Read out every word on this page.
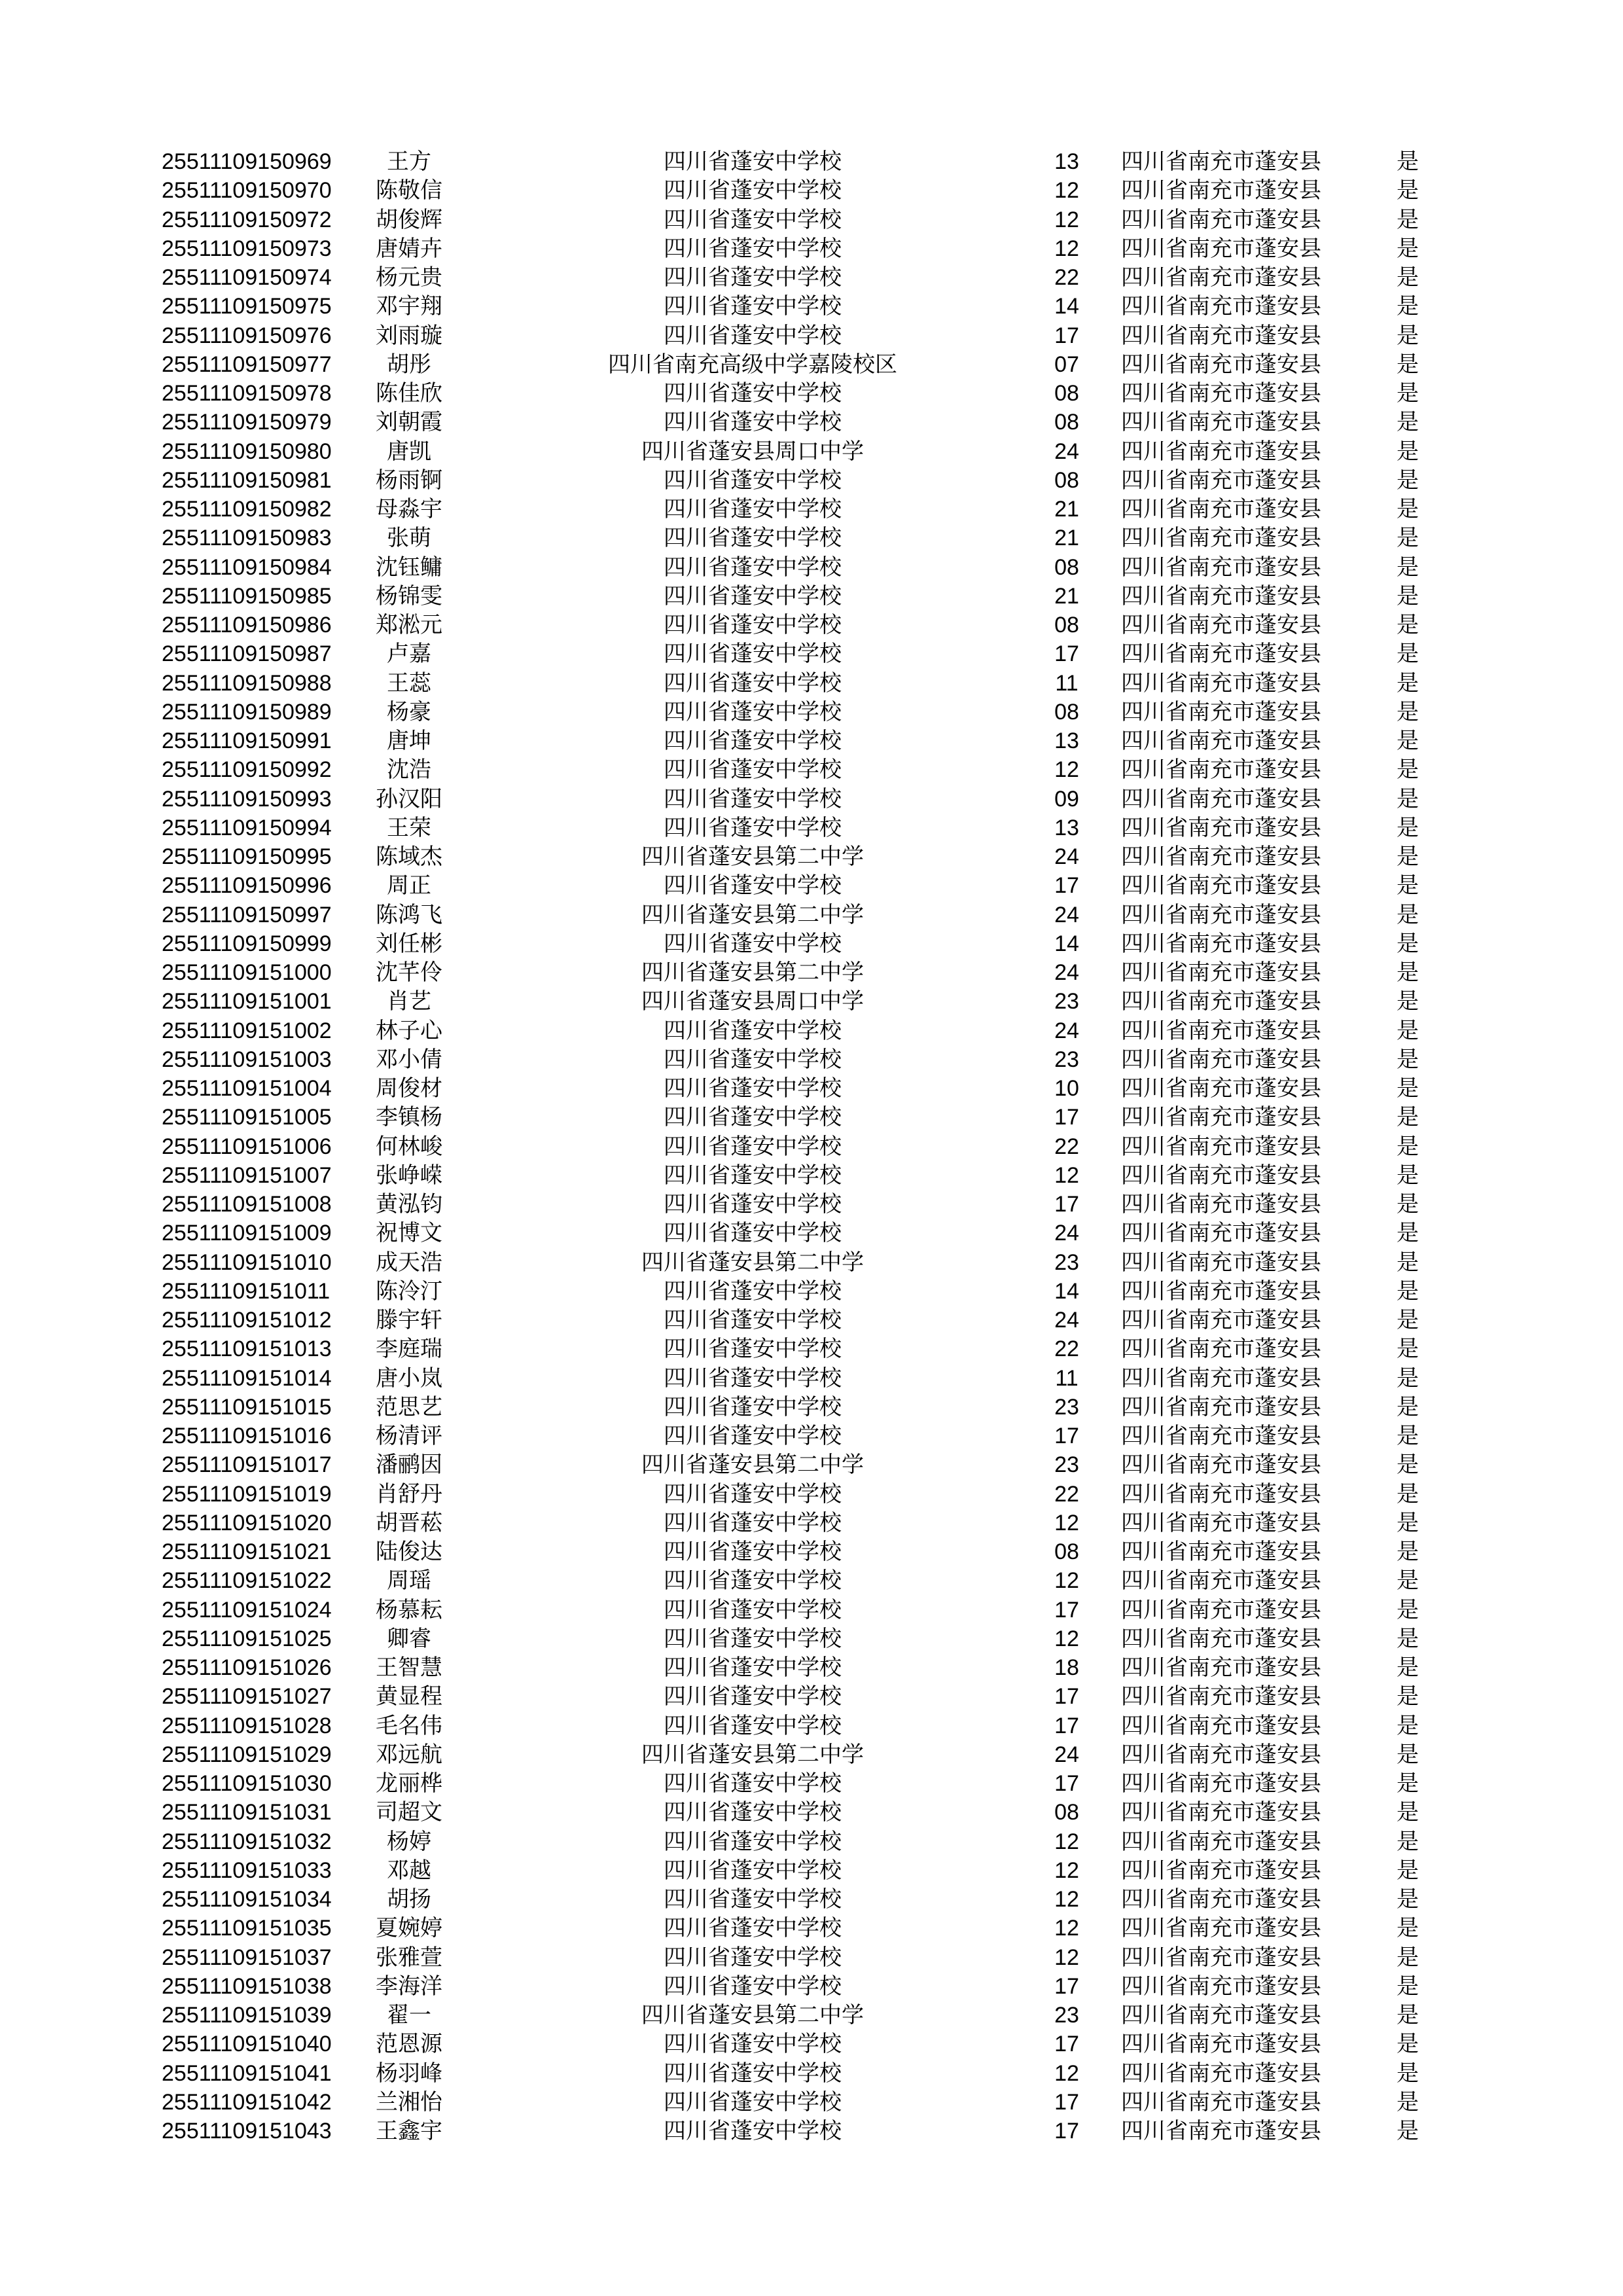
25511109150969	王方	四川省蓬安中学校	13	四川省南充市蓬安县	是
25511109150970	陈敬信	四川省蓬安中学校	12	四川省南充市蓬安县	是
25511109150972	胡俊辉	四川省蓬安中学校	12	四川省南充市蓬安县	是
25511109150973	唐婧卉	四川省蓬安中学校	12	四川省南充市蓬安县	是
25511109150974	杨元贵	四川省蓬安中学校	22	四川省南充市蓬安县	是
25511109150975	邓宇翔	四川省蓬安中学校	14	四川省南充市蓬安县	是
25511109150976	刘雨璇	四川省蓬安中学校	17	四川省南充市蓬安县	是
25511109150977	胡彤	四川省南充高级中学嘉陵校区	07	四川省南充市蓬安县	是
25511109150978	陈佳欣	四川省蓬安中学校	08	四川省南充市蓬安县	是
25511109150979	刘朝霞	四川省蓬安中学校	08	四川省南充市蓬安县	是
25511109150980	唐凯	四川省蓬安县周口中学	24	四川省南充市蓬安县	是
25511109150981	杨雨锕	四川省蓬安中学校	08	四川省南充市蓬安县	是
25511109150982	母淼宇	四川省蓬安中学校	21	四川省南充市蓬安县	是
25511109150983	张萌	四川省蓬安中学校	21	四川省南充市蓬安县	是
25511109150984	沈钰鳙	四川省蓬安中学校	08	四川省南充市蓬安县	是
25511109150985	杨锦雯	四川省蓬安中学校	21	四川省南充市蓬安县	是
25511109150986	郑淞元	四川省蓬安中学校	08	四川省南充市蓬安县	是
25511109150987	卢嘉	四川省蓬安中学校	17	四川省南充市蓬安县	是
25511109150988	王蕊	四川省蓬安中学校	11	四川省南充市蓬安县	是
25511109150989	杨豪	四川省蓬安中学校	08	四川省南充市蓬安县	是
25511109150991	唐坤	四川省蓬安中学校	13	四川省南充市蓬安县	是
25511109150992	沈浩	四川省蓬安中学校	12	四川省南充市蓬安县	是
25511109150993	孙汉阳	四川省蓬安中学校	09	四川省南充市蓬安县	是
25511109150994	王荣	四川省蓬安中学校	13	四川省南充市蓬安县	是
25511109150995	陈域杰	四川省蓬安县第二中学	24	四川省南充市蓬安县	是
25511109150996	周正	四川省蓬安中学校	17	四川省南充市蓬安县	是
25511109150997	陈鸿飞	四川省蓬安县第二中学	24	四川省南充市蓬安县	是
25511109150999	刘任彬	四川省蓬安中学校	14	四川省南充市蓬安县	是
25511109151000	沈芊伶	四川省蓬安县第二中学	24	四川省南充市蓬安县	是
25511109151001	肖艺	四川省蓬安县周口中学	23	四川省南充市蓬安县	是
25511109151002	林子心	四川省蓬安中学校	24	四川省南充市蓬安县	是
25511109151003	邓小倩	四川省蓬安中学校	23	四川省南充市蓬安县	是
25511109151004	周俊材	四川省蓬安中学校	10	四川省南充市蓬安县	是
25511109151005	李镇杨	四川省蓬安中学校	17	四川省南充市蓬安县	是
25511109151006	何林峻	四川省蓬安中学校	22	四川省南充市蓬安县	是
25511109151007	张峥嵘	四川省蓬安中学校	12	四川省南充市蓬安县	是
25511109151008	黄泓钧	四川省蓬安中学校	17	四川省南充市蓬安县	是
25511109151009	祝博文	四川省蓬安中学校	24	四川省南充市蓬安县	是
25511109151010	成天浩	四川省蓬安县第二中学	23	四川省南充市蓬安县	是
25511109151011	陈泠汀	四川省蓬安中学校	14	四川省南充市蓬安县	是
25511109151012	滕宇轩	四川省蓬安中学校	24	四川省南充市蓬安县	是
25511109151013	李庭瑞	四川省蓬安中学校	22	四川省南充市蓬安县	是
25511109151014	唐小岚	四川省蓬安中学校	11	四川省南充市蓬安县	是
25511109151015	范思艺	四川省蓬安中学校	23	四川省南充市蓬安县	是
25511109151016	杨清评	四川省蓬安中学校	17	四川省南充市蓬安县	是
25511109151017	潘鹂因	四川省蓬安县第二中学	23	四川省南充市蓬安县	是
25511109151019	肖舒丹	四川省蓬安中学校	22	四川省南充市蓬安县	是
25511109151020	胡晋菘	四川省蓬安中学校	12	四川省南充市蓬安县	是
25511109151021	陆俊达	四川省蓬安中学校	08	四川省南充市蓬安县	是
25511109151022	周瑶	四川省蓬安中学校	12	四川省南充市蓬安县	是
25511109151024	杨慕耘	四川省蓬安中学校	17	四川省南充市蓬安县	是
25511109151025	卿睿	四川省蓬安中学校	12	四川省南充市蓬安县	是
25511109151026	王智慧	四川省蓬安中学校	18	四川省南充市蓬安县	是
25511109151027	黄显程	四川省蓬安中学校	17	四川省南充市蓬安县	是
25511109151028	毛名伟	四川省蓬安中学校	17	四川省南充市蓬安县	是
25511109151029	邓远航	四川省蓬安县第二中学	24	四川省南充市蓬安县	是
25511109151030	龙丽桦	四川省蓬安中学校	17	四川省南充市蓬安县	是
25511109151031	司超文	四川省蓬安中学校	08	四川省南充市蓬安县	是
25511109151032	杨婷	四川省蓬安中学校	12	四川省南充市蓬安县	是
25511109151033	邓越	四川省蓬安中学校	12	四川省南充市蓬安县	是
25511109151034	胡扬	四川省蓬安中学校	12	四川省南充市蓬安县	是
25511109151035	夏婉婷	四川省蓬安中学校	12	四川省南充市蓬安县	是
25511109151037	张雅萱	四川省蓬安中学校	12	四川省南充市蓬安县	是
25511109151038	李海洋	四川省蓬安中学校	17	四川省南充市蓬安县	是
25511109151039	翟一	四川省蓬安县第二中学	23	四川省南充市蓬安县	是
25511109151040	范恩源	四川省蓬安中学校	17	四川省南充市蓬安县	是
25511109151041	杨羽峰	四川省蓬安中学校	12	四川省南充市蓬安县	是
25511109151042	兰湘怡	四川省蓬安中学校	17	四川省南充市蓬安县	是
25511109151043	王鑫宇	四川省蓬安中学校	17	四川省南充市蓬安县	是
